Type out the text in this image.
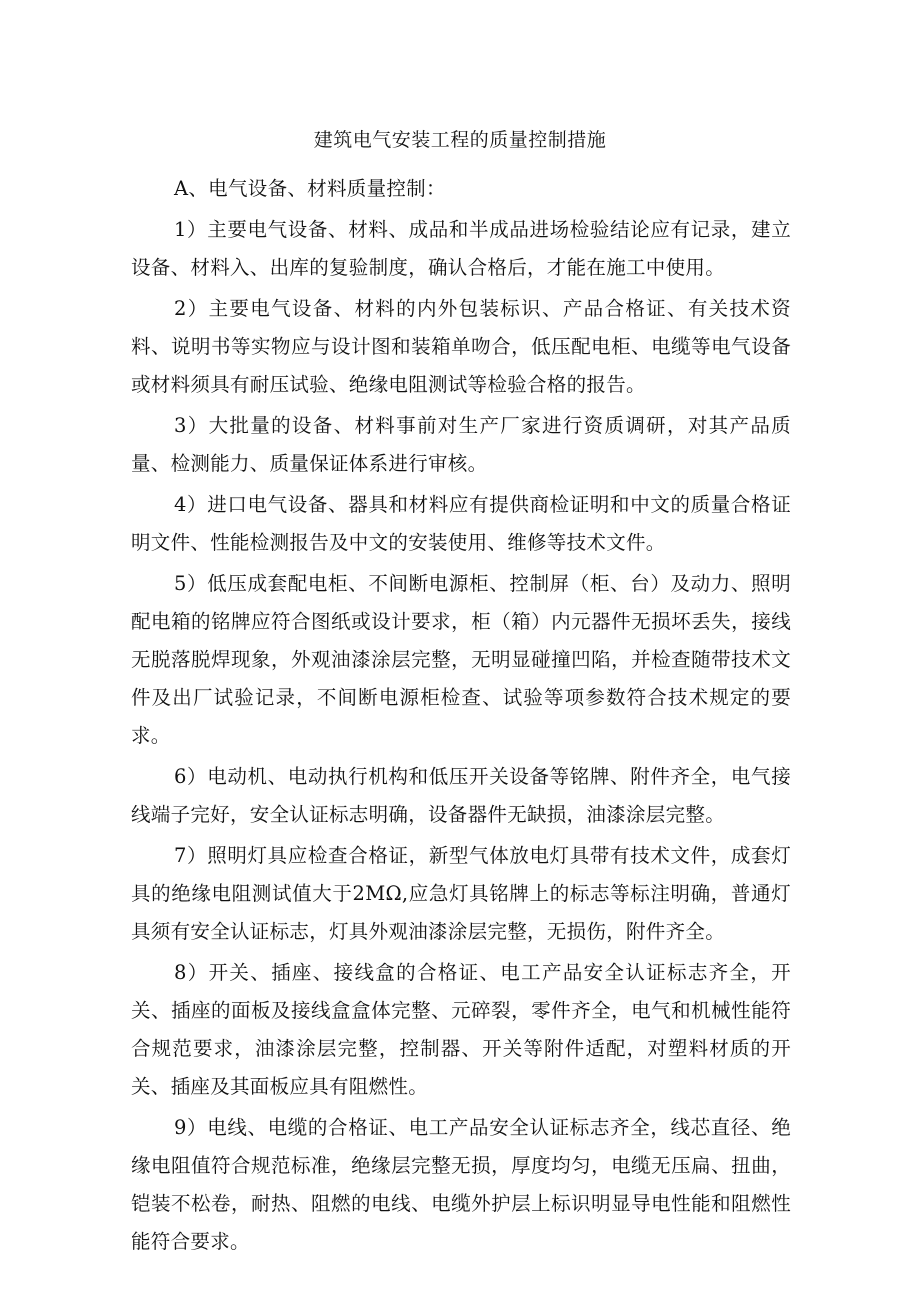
建筑电气安装工程的质量控制措施

A、电气设备、材料质量控制：

1）主要电气设备、材料、成品和半成品进场检验结论应有记录，建立设备、材料入、出库的复验制度，确认合格后，才能在施工中使用。

2）主要电气设备、材料的内外包装标识、产品合格证、有关技术资料、说明书等实物应与设计图和装箱单吻合，低压配电柜、电缆等电气设备或材料须具有耐压试验、绝缘电阻测试等检验合格的报告。

3）大批量的设备、材料事前对生产厂家进行资质调研，对其产品质量、检测能力、质量保证体系进行审核。

4）进口电气设备、器具和材料应有提供商检证明和中文的质量合格证明文件、性能检测报告及中文的安装使用、维修等技术文件。

5）低压成套配电柜、不间断电源柜、控制屏（柜、台）及动力、照明配电箱的铭牌应符合图纸或设计要求，柜（箱）内元器件无损坏丢失，接线无脱落脱焊现象，外观油漆涂层完整，无明显碰撞凹陷，并检查随带技术文件及出厂试验记录，不间断电源柜检查、试验等项参数符合技术规定的要求。

6）电动机、电动执行机构和低压开关设备等铭牌、附件齐全，电气接线端子完好，安全认证标志明确，设备器件无缺损，油漆涂层完整。

7）照明灯具应检查合格证，新型气体放电灯具带有技术文件，成套灯具的绝缘电阻测试值大于2MΩ,应急灯具铭牌上的标志等标注明确，普通灯具须有安全认证标志，灯具外观油漆涂层完整，无损伤，附件齐全。

8）开关、插座、接线盒的合格证、电工产品安全认证标志齐全，开关、插座的面板及接线盒盒体完整、元碎裂，零件齐全，电气和机械性能符合规范要求，油漆涂层完整，控制器、开关等附件适配，对塑料材质的开关、插座及其面板应具有阻燃性。

9）电线、电缆的合格证、电工产品安全认证标志齐全，线芯直径、绝缘电阻值符合规范标准，绝缘层完整无损，厚度均匀，电缆无压扁、扭曲，铠装不松卷，耐热、阻燃的电线、电缆外护层上标识明显导电性能和阻燃性能符合要求。
